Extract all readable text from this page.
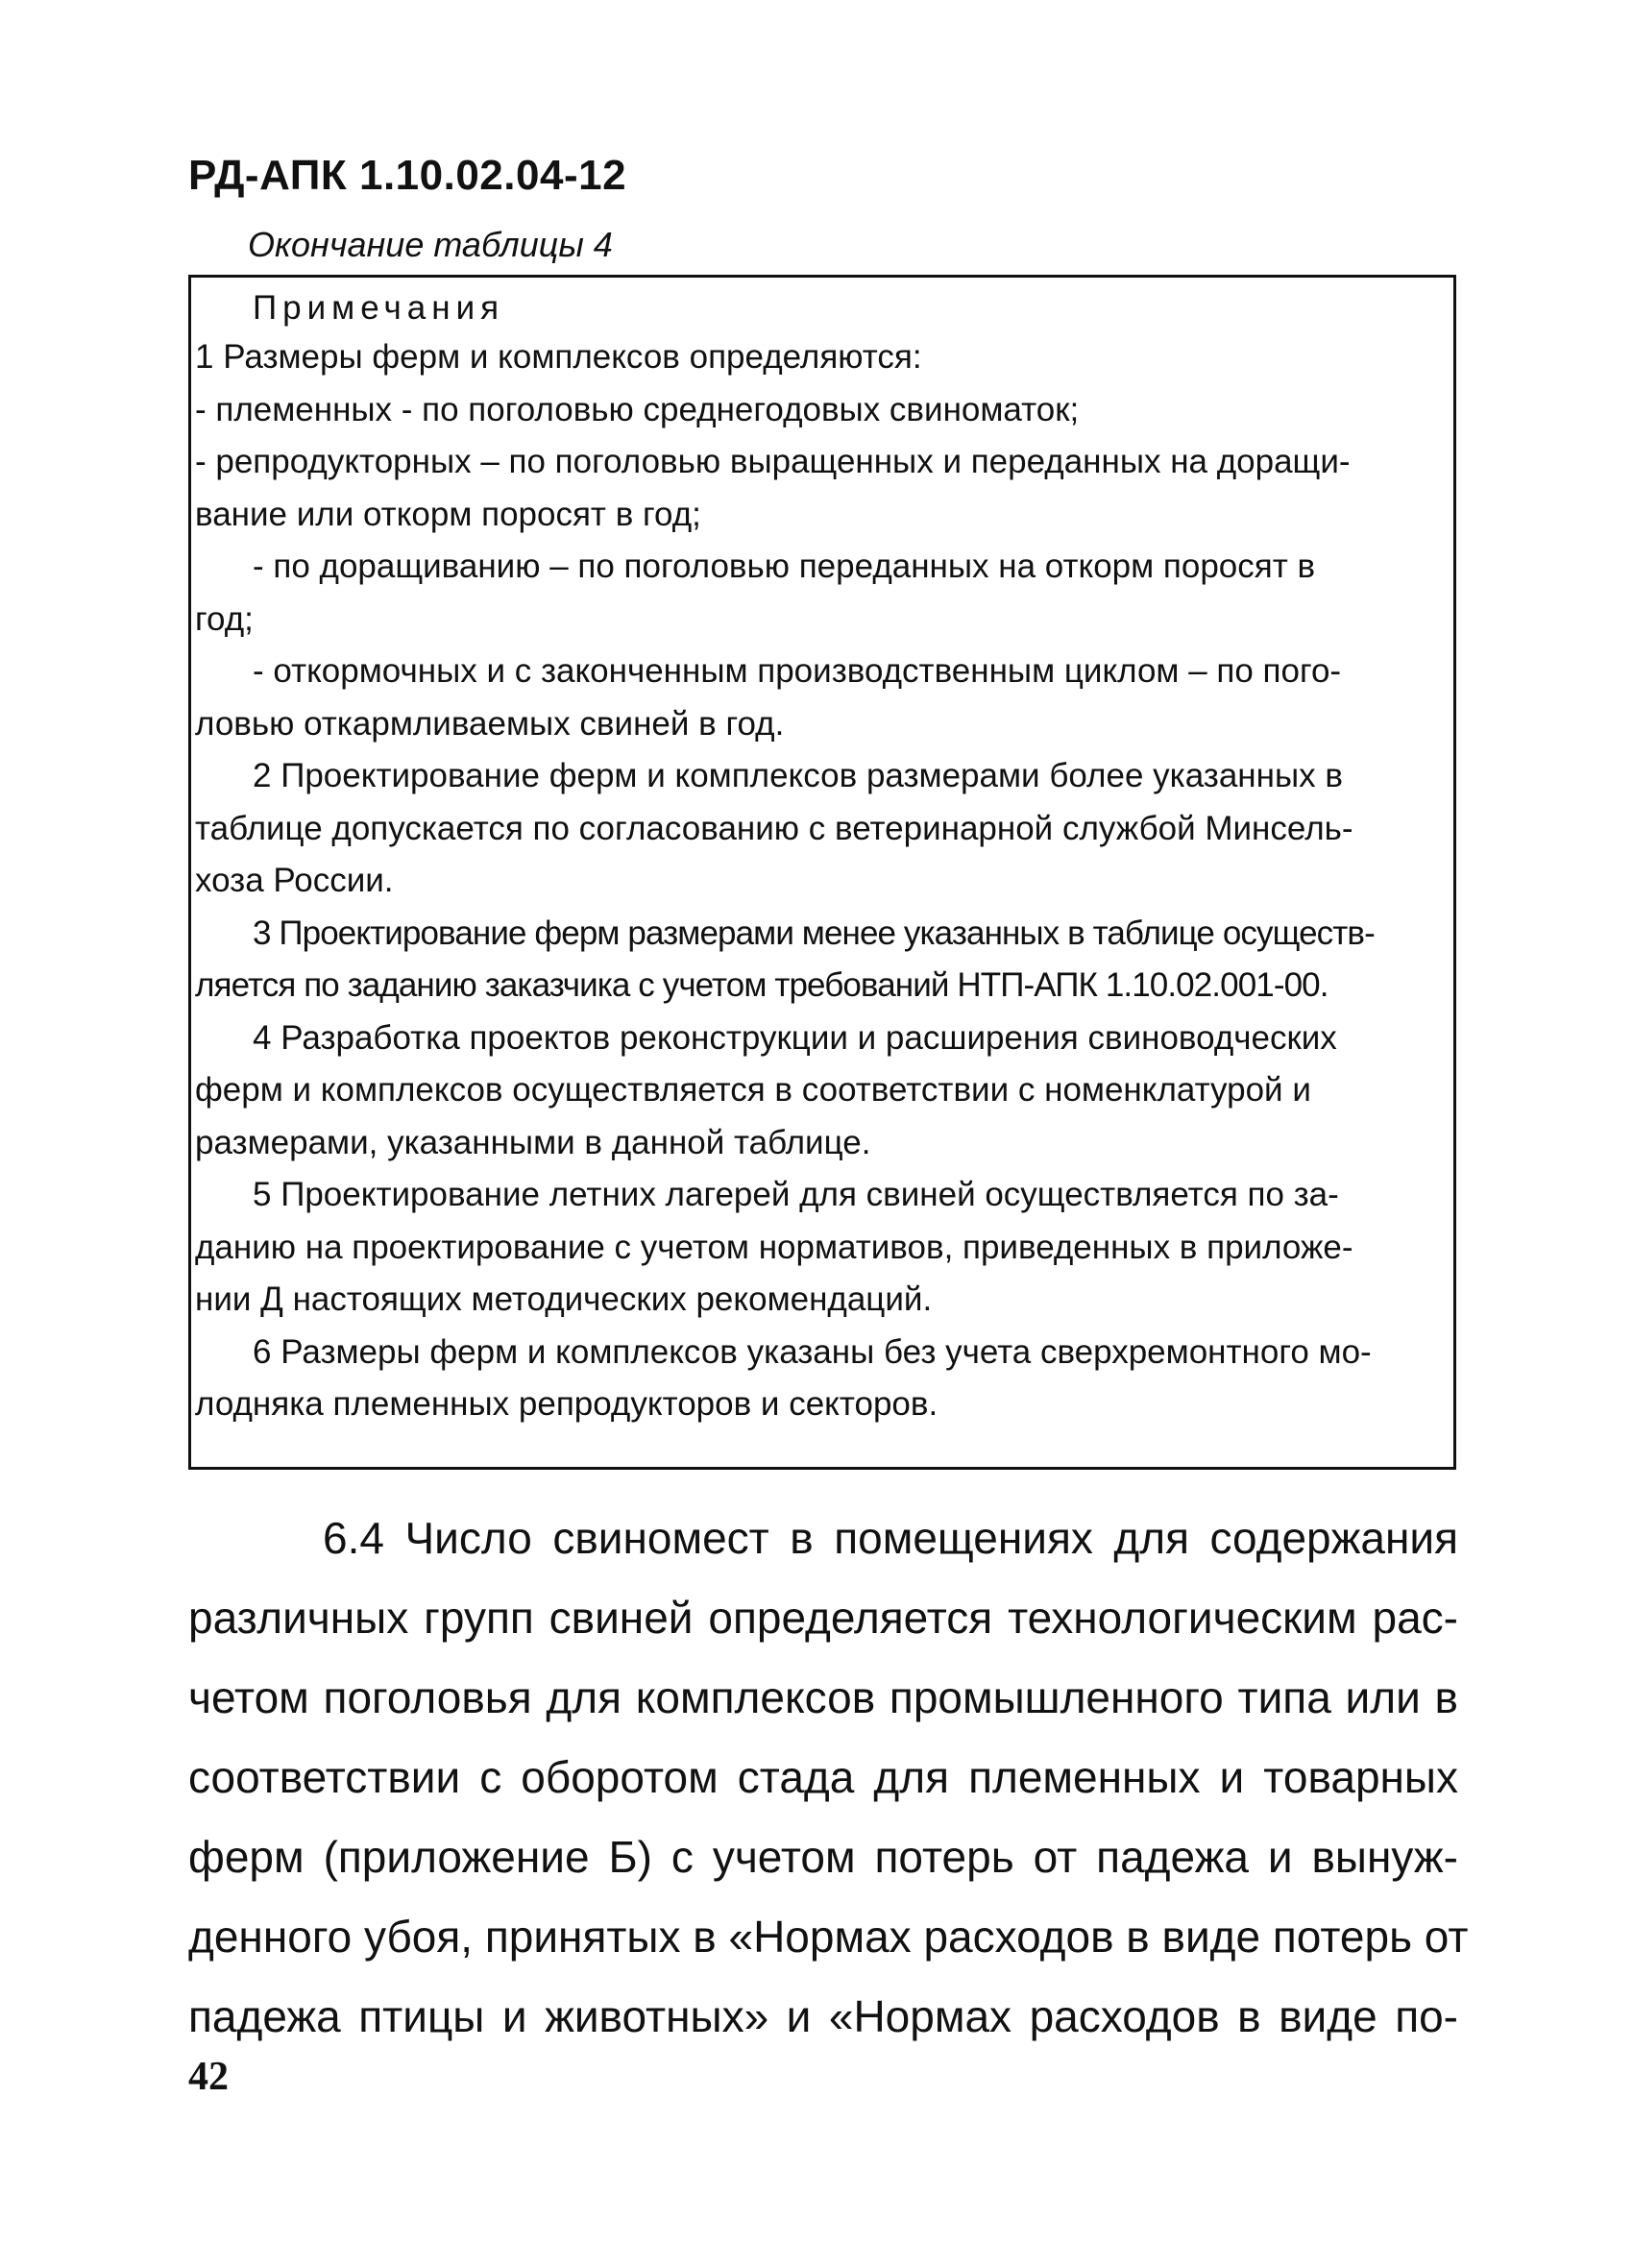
РД-АПК 1.10.02.04-12

Окончание таблицы 4

Примечания

1 Размеры ферм и комплексов определяются:

- племенных - по поголовью среднегодовых свиноматок;

- репродукторных – по поголовью выращенных и переданных на доращи-

вание или откорм поросят в год;

- по доращиванию – по поголовью переданных на откорм поросят в

год;

- откормочных и с законченным производственным циклом – по пого-

ловью откармливаемых свиней в год.

2 Проектирование ферм и комплексов размерами более указанных в

таблице допускается по согласованию с ветеринарной службой Минсель-

хоза России.

3 Проектирование ферм размерами менее указанных в таблице осуществ-

ляется по заданию заказчика с учетом требований НТП-АПК 1.10.02.001-00.

4 Разработка проектов реконструкции и расширения свиноводческих

ферм и комплексов осуществляется в соответствии с номенклатурой и

размерами, указанными в данной таблице.

5 Проектирование летних лагерей для свиней осуществляется по за-

данию на проектирование с учетом нормативов, приведенных в приложе-

нии Д настоящих методических рекомендаций.

6 Размеры ферм и комплексов указаны без учета сверхремонтного мо-

лодняка племенных репродукторов и секторов.

6.4 Число свиномест в помещениях для содержания
различных групп свиней определяется технологическим рас-
четом поголовья для комплексов промышленного типа или в
соответствии с оборотом стада для племенных и товарных
ферм (приложение Б) с учетом потерь от падежа и вынуж-
денного убоя, принятых в «Нормах расходов в виде потерь от
падежа птицы и животных» и «Нормах расходов в виде по-

42
